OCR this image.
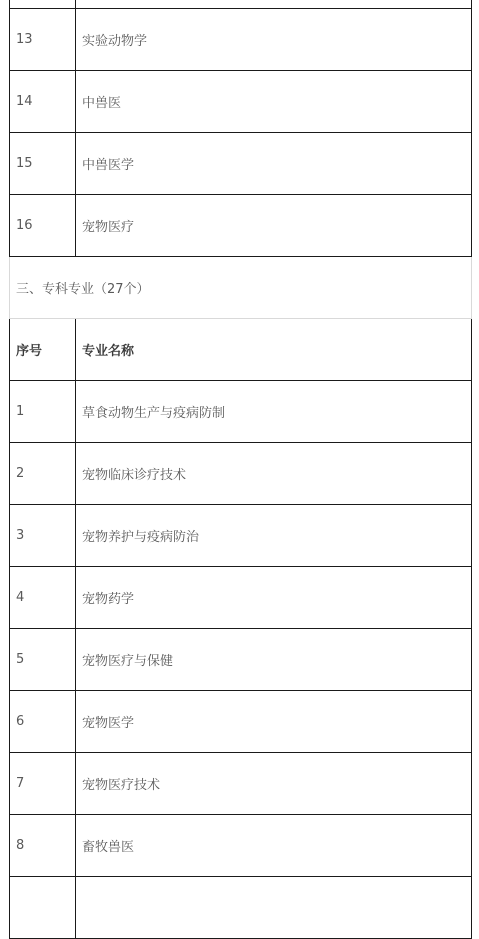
13	实验动物学
14	中兽医
15	中兽医学
16	宠物医疗
三、专科专业（27个）	
序号	专业名称
1	草食动物生产与疫病防制
2	宠物临床诊疗技术
3	宠物养护与疫病防治
4	宠物药学
5	宠物医疗与保健
6	宠物医学
7	宠物医疗技术
8	畜牧兽医
